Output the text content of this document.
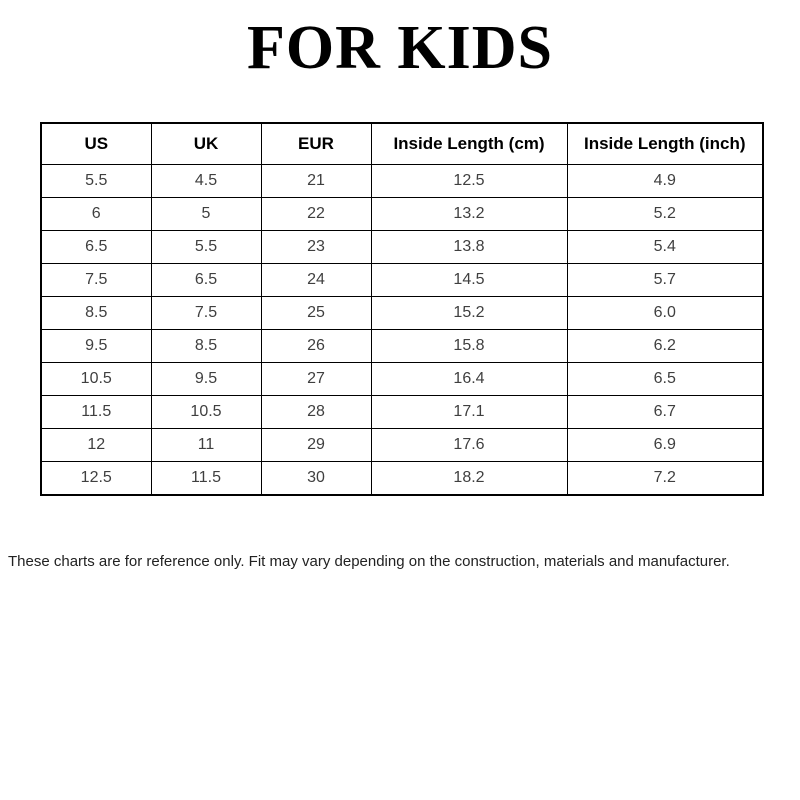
FOR KIDS
US	UK	EUR	Inside Length (cm)	Inside Length (inch)
5.5	4.5	21	12.5	4.9
6	5	22	13.2	5.2
6.5	5.5	23	13.8	5.4
7.5	6.5	24	14.5	5.7
8.5	7.5	25	15.2	6.0
9.5	8.5	26	15.8	6.2
10.5	9.5	27	16.4	6.5
11.5	10.5	28	17.1	6.7
12	11	29	17.6	6.9
12.5	11.5	30	18.2	7.2
These charts are for reference only. Fit may vary depending on the construction, materials and manufacturer.
